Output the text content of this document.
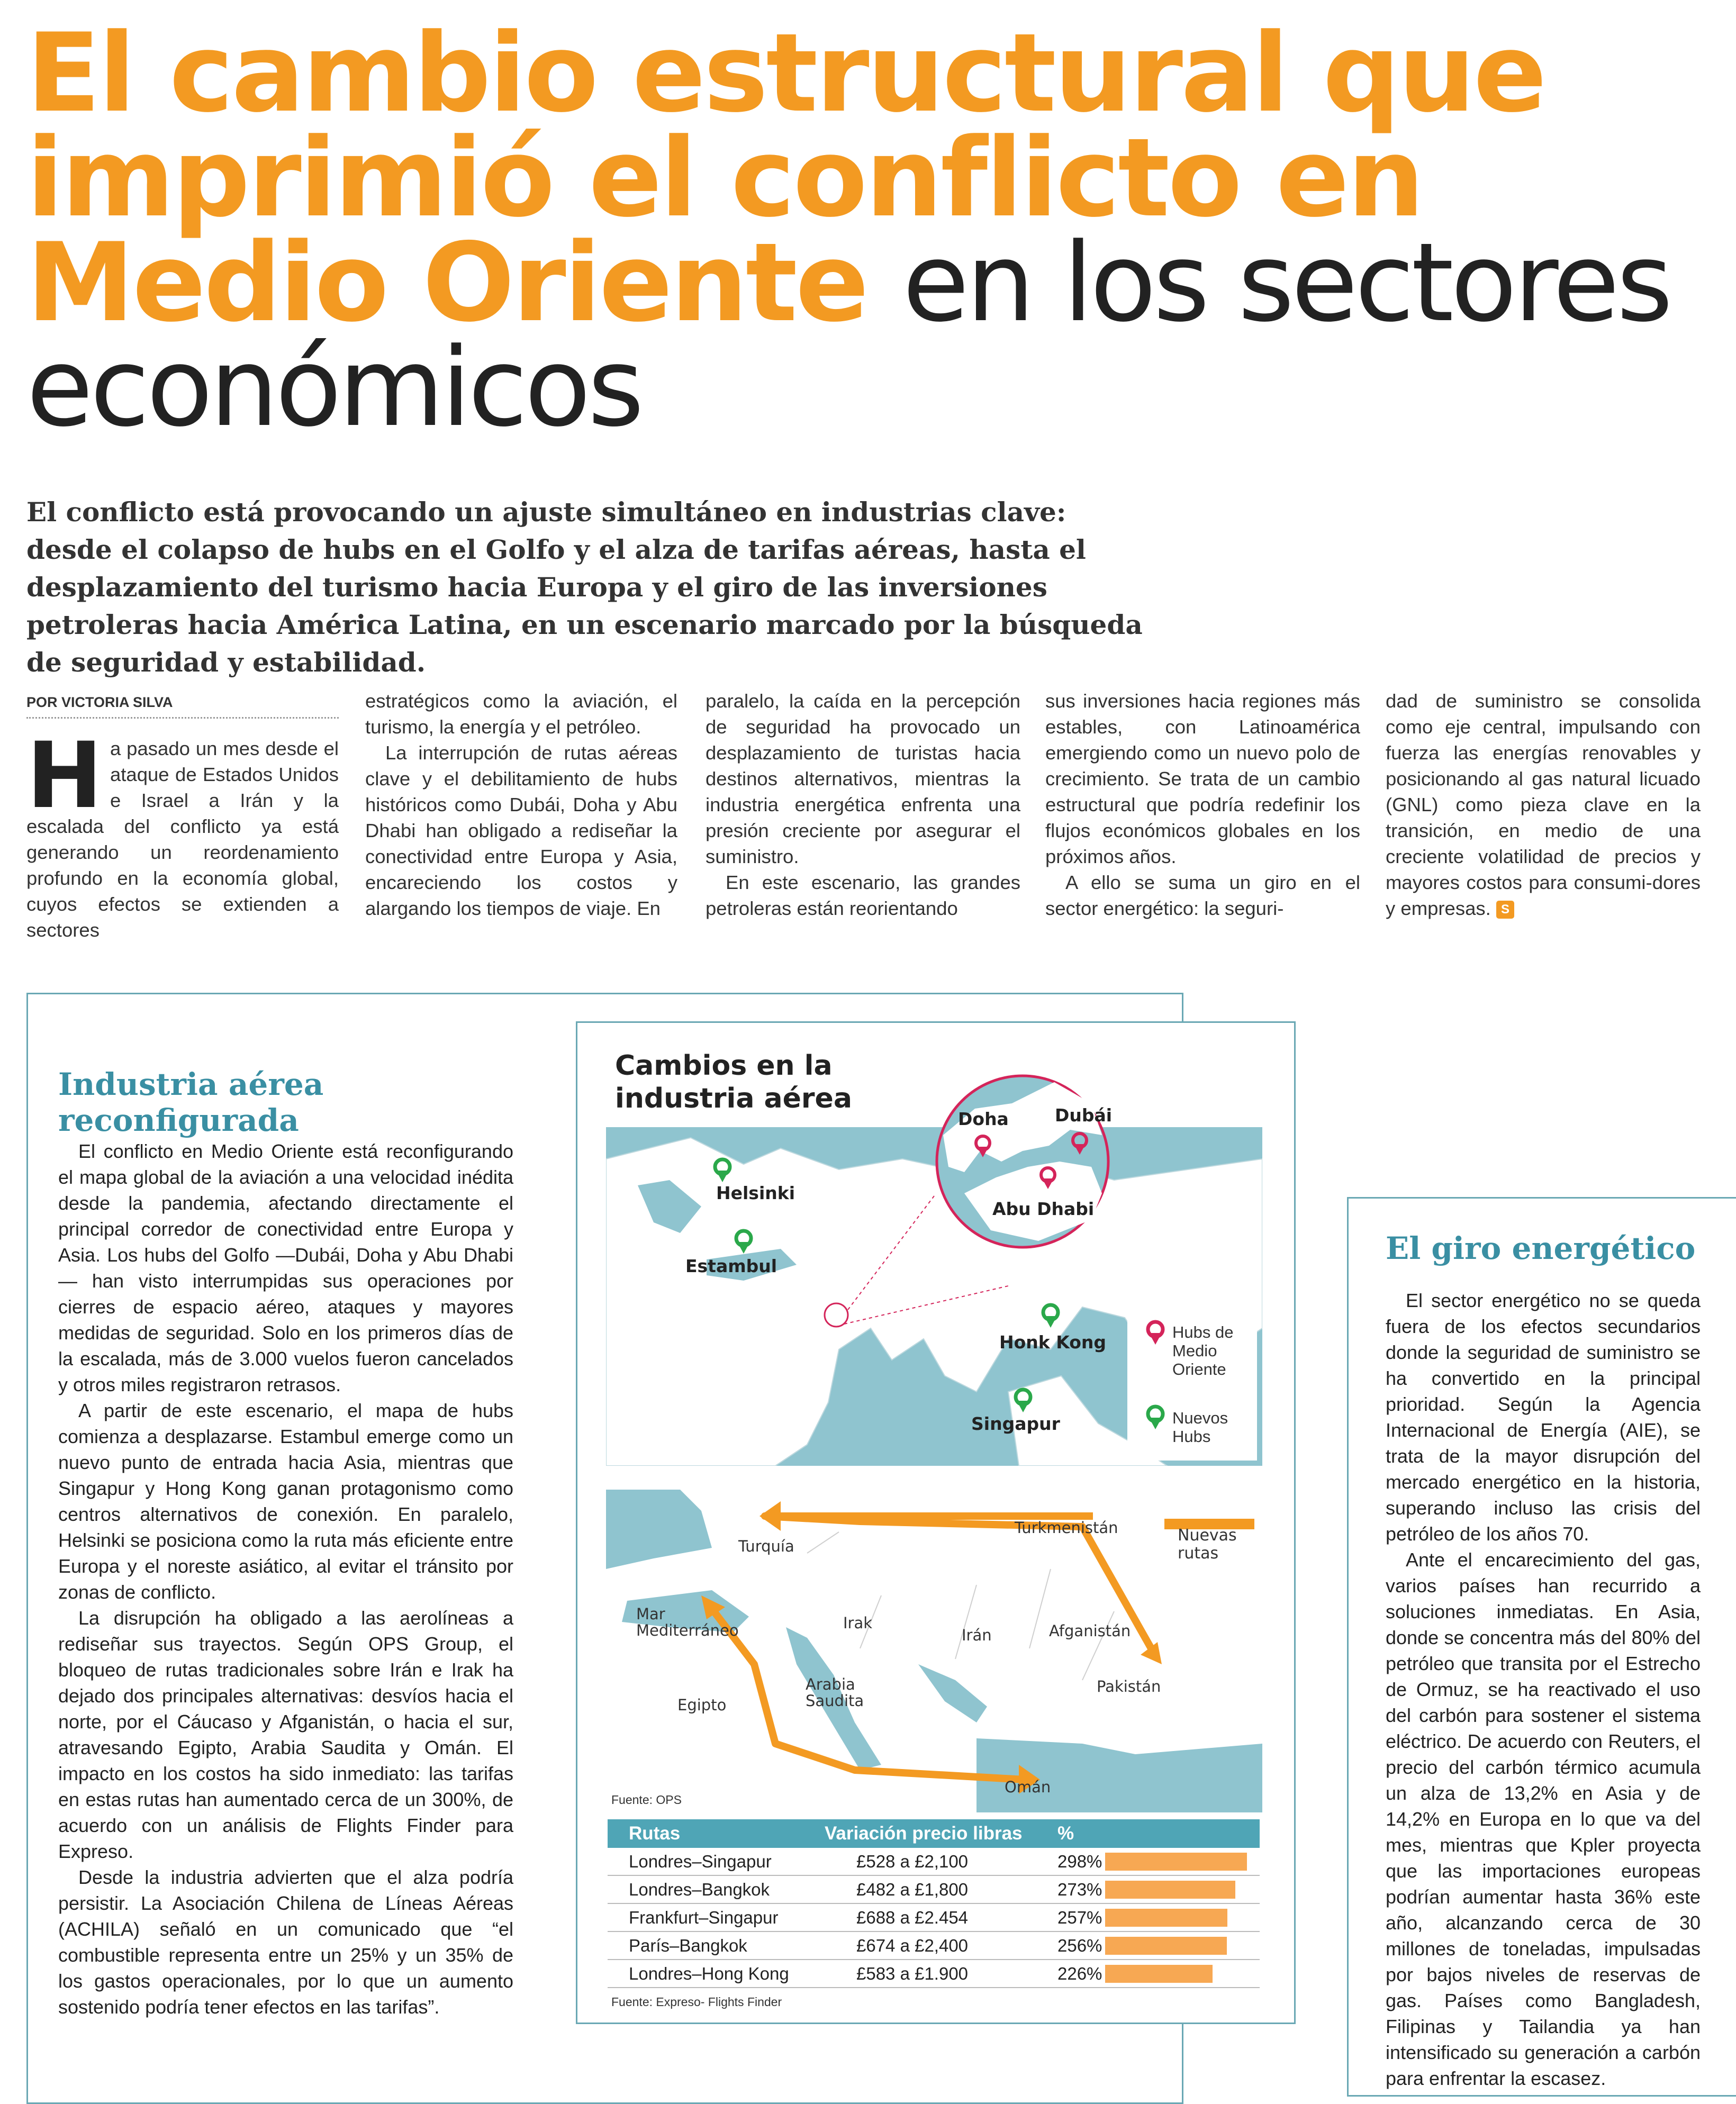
El cambio estructural que imprimió el conflicto en Medio Oriente en los sectores económicos
El conflicto está provocando un ajuste simultáneo en industrias clave: desde el colapso de hubs en el Golfo y el alza de tarifas aéreas, hasta el desplazamiento del turismo hacia Europa y el giro de las inversiones petroleras hacia América Latina, en un escenario marcado por la búsqueda de seguridad y estabilidad.
POR VICTORIA SILVA
H a pasado un mes desde el ataque de Estados Unidos e Israel a Irán y la escalada del conflicto ya está generando un reordenamiento profundo en la economía global, cuyos efectos se extienden a sectores

estratégicos como la aviación, el turismo, la energía y el petróleo.

La interrupción de rutas aéreas clave y el debilitamiento de hubs históricos como Dubái, Doha y Abu Dhabi han obligado a rediseñar la conectividad entre Europa y Asia, encareciendo los costos y alargando los tiempos de viaje. En

paralelo, la caída en la percepción de seguridad ha provocado un desplazamiento de turistas hacia destinos alternativos, mientras la industria energética enfrenta una presión creciente por asegurar el suministro.

En este escenario, las grandes petroleras están reorientando

sus inversiones hacia regiones más estables, con Latinoamérica emergiendo como un nuevo polo de crecimiento. Se trata de un cambio estructural que podría redefinir los flujos económicos globales en los próximos años.

A ello se suma un giro en el sector energético: la seguri-

dad de suministro se consolida como eje central, impulsando con fuerza las energías renovables y posicionando al gas natural licuado (GNL) como pieza clave en la transición, en medio de una creciente volatilidad de precios y mayores costos para consumi-dores y empresas. S

Industria aérea reconfigurada

El conflicto en Medio Oriente está reconfigurando el mapa global de la aviación a una velocidad inédita desde la pandemia, afectando directamente el principal corredor de conectividad entre Europa y Asia. Los hubs del Golfo —Dubái, Doha y Abu Dhabi— han visto interrumpidas sus operaciones por cierres de espacio aéreo, ataques y mayores medidas de seguridad. Solo en los primeros días de la escalada, más de 3.000 vuelos fueron cancelados y otros miles registraron retrasos.

A partir de este escenario, el mapa de hubs comienza a desplazarse. Estambul emerge como un nuevo punto de entrada hacia Asia, mientras que Singapur y Hong Kong ganan protagonismo como centros alternativos de conexión. En paralelo, Helsinki se posiciona como la ruta más eficiente entre Europa y el noreste asiático, al evitar el tránsito por zonas de conflicto.

La disrupción ha obligado a las aerolíneas a rediseñar sus trayectos. Según OPS Group, el bloqueo de rutas tradicionales sobre Irán e Irak ha dejado dos principales alternativas: desvíos hacia el norte, por el Cáucaso y Afganistán, o hacia el sur, atravesando Egipto, Arabia Saudita y Omán. El impacto en los costos ha sido inmediato: las tarifas en estas rutas han aumentado cerca de un 300%, de acuerdo con un análisis de Flights Finder para Expreso.

Desde la industria advierten que el alza podría persistir. La Asociación Chilena de Líneas Aéreas (ACHILA) señaló en un comunicado que “el combustible representa entre un 25% y un 35% de los gastos operacionales, por lo que un aumento sostenido podría tener efectos en las tarifas”.

Cambios en la industria aérea
Helsinki
Estambul
Honk Kong
Singapur
Hubs de Medio Oriente
Nuevos Hubs
Doha	Dubái
Abu Dhabi
Turquía
Turkmenistán
Mar Mediterráneo	Irak
Irán	Afganistán
Arabia Saudita
Egipto
Pakistán
Omán
Nuevas rutas
Fuente: OPS
Rutas	Variación precio libras	%
Londres–Singapur	£528 a £2,100	298%

Londres–Bangkok	£482 a £1,800	273%

Frankfurt–Singapur	£688 a £2.454	257%

París–Bangkok	£674 a £2,400	256%

Londres–Hong Kong	£583 a £1.900	226%
Fuente: Expreso- Flights Finder
El giro energético

El sector energético no se queda fuera de los efectos secundarios donde la seguridad de suministro se ha convertido en la principal prioridad. Según la Agencia Internacional de Energía (AIE), se trata de la mayor disrupción del mercado energético en la historia, superando incluso las crisis del petróleo de los años 70.

Ante el encarecimiento del gas, varios países han recurrido a soluciones inmediatas. En Asia, donde se concentra más del 80% del petróleo que transita por el Estrecho de Ormuz, se ha reactivado el uso del carbón para sostener el sistema eléctrico. De acuerdo con Reuters, el precio del carbón térmico acumula un alza de 13,2% en Asia y de 14,2% en Europa en lo que va del mes, mientras que Kpler proyecta que las importaciones europeas podrían aumentar hasta 36% este año, alcanzando cerca de 30 millones de toneladas, impulsadas por bajos niveles de reservas de gas. Países como Bangladesh, Filipinas y Tailandia ya han intensificado su generación a carbón para enfrentar la escasez.
